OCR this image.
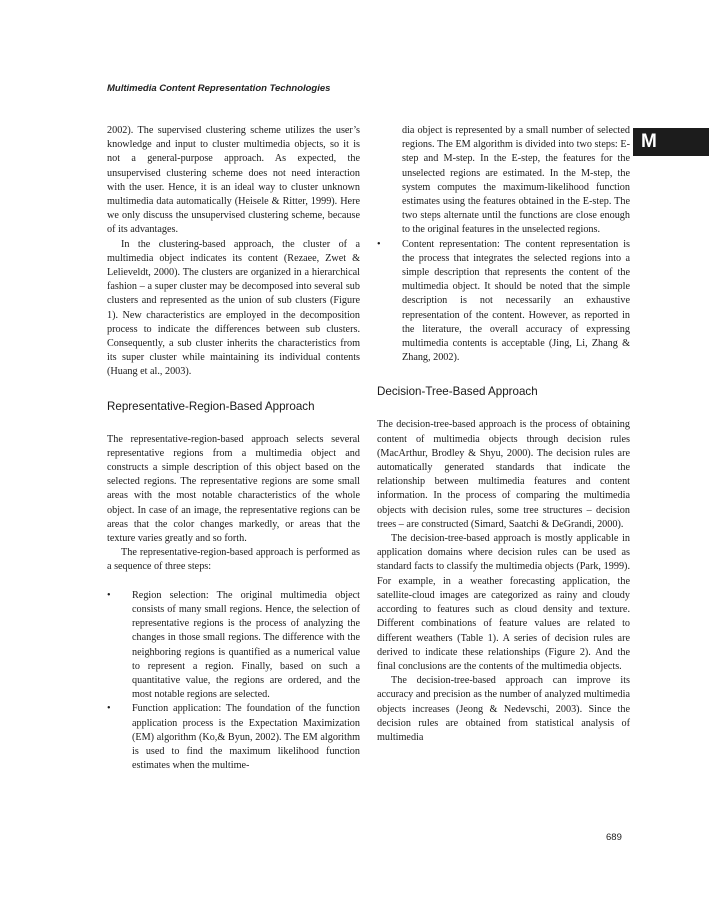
Multimedia Content Representation Technologies
M

2002). The supervised clustering scheme utilizes the user’s knowledge and input to cluster multimedia objects, so it is not a general-purpose approach. As expected, the unsupervised clustering scheme does not need interaction with the user. Hence, it is an ideal way to cluster unknown multimedia data automatically (Heisele & Ritter, 1999). Here we only discuss the unsupervised clustering scheme, because of its advantages.

In the clustering-based approach, the cluster of a multimedia object indicates its content (Rezaee, Zwet & Lelieveldt, 2000). The clusters are organized in a hierarchical fashion – a super cluster may be decomposed into several sub clusters and represented as the union of sub clusters (Figure 1). New characteristics are employed in the decomposition process to indicate the differences between sub clusters. Consequently, a sub cluster inherits the characteristics from its super cluster while maintaining its individual contents (Huang et al., 2003).

Representative-Region-Based Approach

The representative-region-based approach selects several representative regions from a multimedia object and constructs a simple description of this object based on the selected regions. The representative regions are some small areas with the most notable characteristics of the whole object. In case of an image, the representative regions can be areas that the color changes markedly, or areas that the texture varies greatly and so forth.

The representative-region-based approach is performed as a sequence of three steps:

• Region selection: The original multimedia object consists of many small regions. Hence, the selection of representative regions is the process of analyzing the changes in those small regions. The difference with the neighboring regions is quantified as a numerical value to represent a region. Finally, based on such a quantitative value, the regions are ordered, and the most notable regions are selected.
• Function application: The foundation of the function application process is the Expectation Maximization (EM) algorithm (Ko,& Byun, 2002). The EM algorithm is used to find the maximum likelihood function estimates when the multime-
dia object is represented by a small number of selected regions. The EM algorithm is divided into two steps: E-step and M-step. In the E-step, the features for the unselected regions are estimated. In the M-step, the system computes the maximum-likelihood function estimates using the features obtained in the E-step. The two steps alternate until the functions are close enough to the original features in the unselected regions.
• Content representation: The content representation is the process that integrates the selected regions into a simple description that represents the content of the multimedia object. It should be noted that the simple description is not necessarily an exhaustive representation of the content. However, as reported in the literature, the overall accuracy of expressing multimedia contents is acceptable (Jing, Li, Zhang & Zhang, 2002).
Decision-Tree-Based Approach

The decision-tree-based approach is the process of obtaining content of multimedia objects through decision rules (MacArthur, Brodley & Shyu, 2000). The decision rules are automatically generated standards that indicate the relationship between multimedia features and content information. In the process of comparing the multimedia objects with decision rules, some tree structures – decision trees – are constructed (Simard, Saatchi & DeGrandi, 2000).

The decision-tree-based approach is mostly applicable in application domains where decision rules can be used as standard facts to classify the multimedia objects (Park, 1999). For example, in a weather forecasting application, the satellite-cloud images are categorized as rainy and cloudy according to features such as cloud density and texture. Different combinations of feature values are related to different weathers (Table 1). A series of decision rules are derived to indicate these relationships (Figure 2). And the final conclusions are the contents of the multimedia objects.

The decision-tree-based approach can improve its accuracy and precision as the number of analyzed multimedia objects increases (Jeong & Nedevschi, 2003). Since the decision rules are obtained from statistical analysis of multimedia

689
